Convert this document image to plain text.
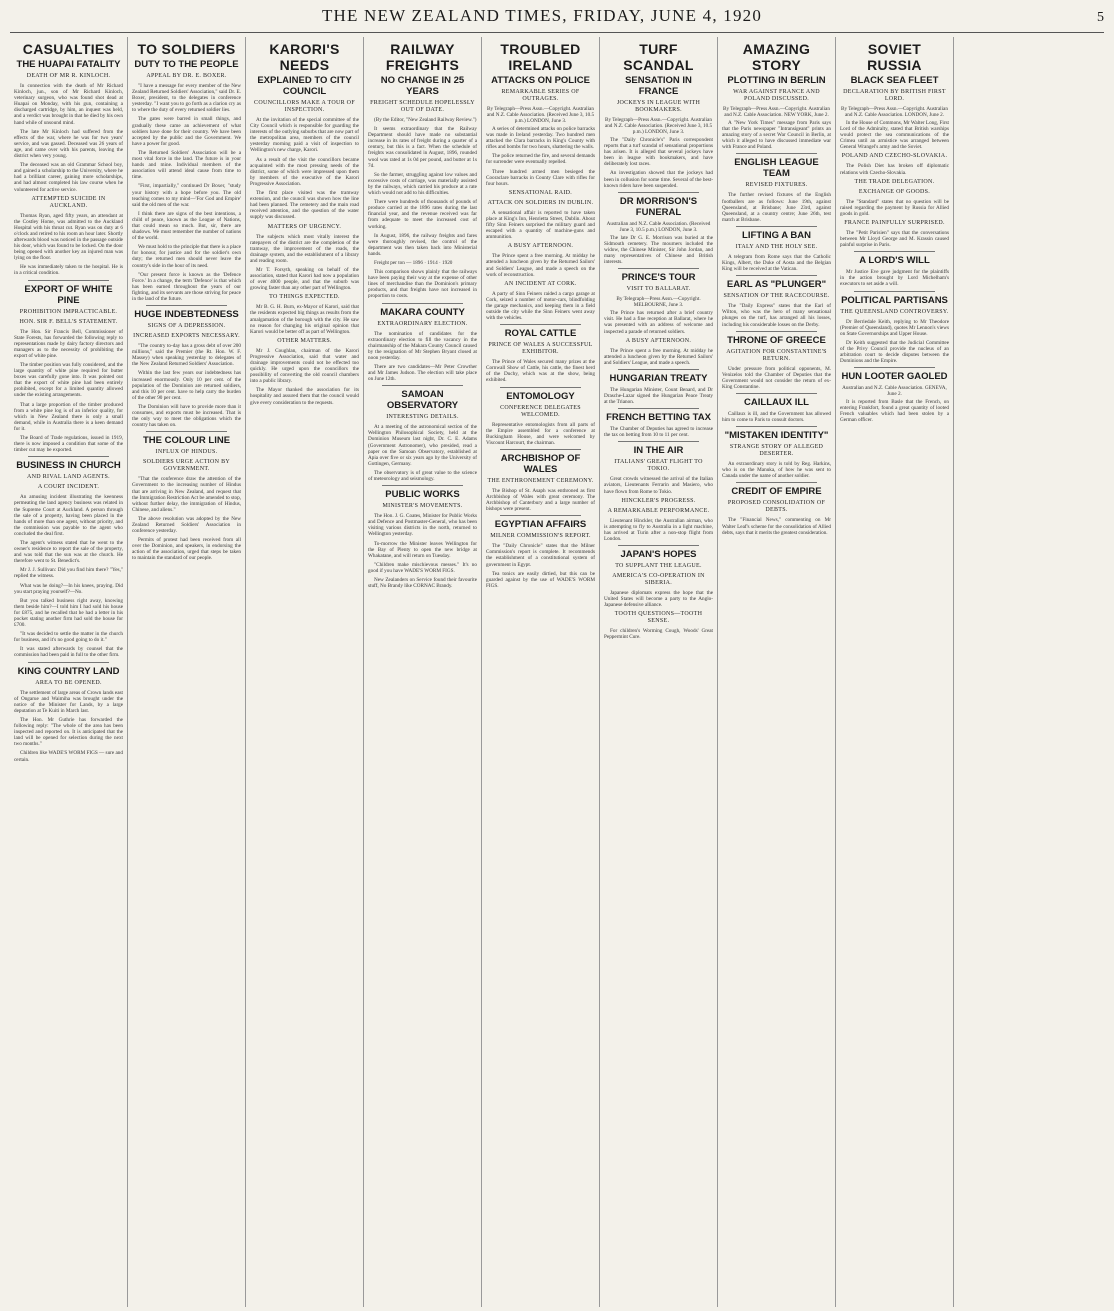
THE NEW ZEALAND TIMES, FRIDAY, JUNE 4, 1920	5
CASUALTIES
THE HUAPAI FATALITY
DEATH OF MR R. KINLOCH.

In connection with the death of Mr Richard Kinloch, jun., son of Mr Richard Kinloch, veterinary surgeon, who was found shot dead at Huapai on Monday, with his gun, containing a discharged cartridge, by him, an inquest was held, and a verdict was brought in that he died by his own hand while of unsound mind.

The late Mr Kinloch had suffered from the effects of the war, where he was for two years' service, and was gassed. Deceased was 26 years of age, and came over with his parents, leaving the district when very young.

The deceased was an old Grammar School boy, and gained a scholarship to the University, where he had a brilliant career, gaining more scholarships, and had almost completed his law course when he volunteered for active service.

ATTEMPTED SUICIDE IN AUCKLAND.

Thomas Ryan, aged fifty years, an attendant at the Costley Home, was admitted to the Auckland Hospital with his throat cut. Ryan was on duty at 6 o'clock and retired to his room an hour later. Shortly afterwards blood was noticed in the passage outside his door, which was found to be locked. On the door being opened with another key an injured man was lying on the floor.

He was immediately taken to the hospital. He is in a critical condition.

EXPORT OF WHITE PINE
PROHIBITION IMPRACTICABLE.
HON. SIR F. BELL'S STATEMENT.

The Hon. Sir Francis Bell, Commissioner of State Forests, has forwarded the following reply to representations made by dairy factory directors and managers as to the necessity of prohibiting the export of white pine.

The timber position was fully considered, and the large quantity of white pine required for butter boxes was carefully gone into. It was pointed out that the export of white pine had been entirely prohibited, except for a limited quantity allowed under the existing arrangements.

That a large proportion of the timber produced from a white pine log is of an inferior quality, for which in New Zealand there is only a small demand, while in Australia there is a keen demand for it.

The Board of Trade regulations, issued in 1919, there is now imposed a condition that some of the timber cut may be exported.

BUSINESS IN CHURCH
AND RIVAL LAND AGENTS.
A COURT INCIDENT.

An amusing incident illustrating the keenness permeating the land agency business was related in the Supreme Court at Auckland. A person through the sale of a property, having been placed in the hands of more than one agent, without priority, and the commission was payable to the agent who concluded the deal first.

The agent's witness stated that he went to the owner's residence to report the sale of the property, and was told that the sun was at the church. He therefore went to St. Benedict's.

Mr J. J. Sullivan: Did you find him there? "Yes," replied the witness.

What was he doing?—In his knees, praying. Did you start praying yourself?—No.

But you talked business right away, knowing them beside him?—I told him I had sold his house for £875, and he recalled that he had a letter in his pocket stating another firm had sold the house for £700.

"It was decided to settle the matter in the church for business, and it's no good going to do it."

It was stated afterwards by counsel that the commission had been paid in full to the other firm.

KING COUNTRY LAND
AREA TO BE OPENED.

The settlement of large areas of Crown lands east of Ongarue and Waimiha was brought under the notice of the Minister for Lands, by a large deputation at Te Kuiti in March last.

The Hon. Mr Guthrie has forwarded the following reply: "The whole of the area has been inspected and reported on. It is anticipated that the land will be opened for selection during the next two months."

Children like WADE'S WORM FIGS — sure and certain.

TO SOLDIERS
DUTY TO THE PEOPLE
APPEAL BY DR. E. BOXER.

"I have a message for every member of the New Zealand Returned Soldiers' Association," said Dr. E. Boxer, president, to the delegates in conference yesterday. "I want you to go forth as a clarion cry as to where the duty of every returned soldier lies.

The gates were barred in small things, and gradually these came an achievement of what soldiers have done for their country. We have been accepted by the public and the Government. We have a power for good.

The Returned Soldiers' Association will be a most vital force in the land. The future is in your hands and mine. Individual members of the association will attend ideal cause from time to time.

"First, impartially," continued Dr Boxer, "study your history with a hope before you. The old teaching comes to my mind—'For God and Empire' said the old men of the war.

I think there are signs of the best intentions, a child of peace, known as the League of Nations, that could mean so much. But, sir, there are shadows. We must remember the number of nations of the world.

We must hold to the principle that there is a place for honour, for justice and for the soldier's own duty; the returned men should never leave the country's side in the hour of its need.

"Our present force is known as the 'Defence Force.' In a change, the term 'Defence' is that which has been earned throughout the years of our fighting, and its servants are those striving for peace in the land of the future.

HUGE INDEBTEDNESS
SIGNS OF A DEPRESSION.
INCREASED EXPORTS NECESSARY.

"The country to-day has a gross debt of over 200 millions," said the Premier (the Rt. Hon. W. F. Massey) when speaking yesterday to delegates of the New Zealand Returned Soldiers' Association.

Within the last few years our indebtedness has increased enormously. Only 10 per cent. of the population of the Dominion are returned soldiers, and this 10 per cent. have to help carry the burden of the other 90 per cent.

The Dominion will have to provide more than it consumes, and exports must be increased. That is the only way to meet the obligations which the country has taken on.

THE COLOUR LINE
INFLUX OF HINDUS.
SOLDIERS URGE ACTION BY GOVERNMENT.

"That the conference draw the attention of the Government to the increasing number of Hindus that are arriving in New Zealand, and request that the Immigration Restriction Act be amended to stop, without further delay, the immigration of Hindus, Chinese, and aliens."

The above resolution was adopted by the New Zealand Returned Soldiers' Association in conference yesterday.

Permits of protest had been received from all over the Dominion, and speakers, in endorsing the action of the association, urged that steps be taken to maintain the standard of our people.

KARORI'S NEEDS
EXPLAINED TO CITY COUNCIL
COUNCILLORS MAKE A TOUR OF INSPECTION.

At the invitation of the special committee of the City Council which is responsible for guarding the interests of the outlying suburbs that are now part of the metropolitan area, members of the council yesterday morning paid a visit of inspection to Wellington's new charge, Karori.

As a result of the visit the councillors became acquainted with the most pressing needs of the district, some of which were impressed upon them by members of the executive of the Karori Progressive Association.

The first place visited was the tramway extension, and the council was shown how the line had been planned. The cemetery and the main road received attention, and the question of the water supply was discussed.

MATTERS OF URGENCY.

The subjects which most vitally interest the ratepayers of the district are the completion of the tramway, the improvement of the roads, the drainage system, and the establishment of a library and reading room.

Mr T. Forsyth, speaking on behalf of the association, stated that Karori had now a population of over 4000 people, and that the suburb was growing faster than any other part of Wellington.

TO THINGS EXPECTED.

Mr B. G. H. Burn, ex-Mayor of Karori, said that the residents expected big things as results from the amalgamation of the borough with the city. He saw no reason for changing his original opinion that Karori would be better off as part of Wellington.

OTHER MATTERS.

Mr J. Coughlan, chairman of the Karori Progressive Association, said that water and drainage improvements could not be effected too quickly. He urged upon the councillors the possibility of converting the old council chambers into a public library.

The Mayor thanked the association for its hospitality and assured them that the council would give every consideration to the requests.

RAILWAY FREIGHTS
NO CHANGE IN 25 YEARS
FREIGHT SCHEDULE HOPELESSLY OUT OF DATE.

(By the Editor, "New Zealand Railway Review.")

It seems extraordinary that the Railway Department should have made no substantial increase in its rates of freight during a quarter of a century, but this is a fact. When the schedule of freights was consolidated in August, 1896, rounded wool was rated at 1s 0d per pound, and butter at 1s 7d.

So the farmer, struggling against low values and excessive costs of carriage, was materially assisted by the railways, which carried his produce at a rate which would not add to his difficulties.

There were hundreds of thousands of pounds of produce carried at the 1896 rates during the last financial year, and the revenue received was far from adequate to meet the increased cost of working.

In August, 1896, the railway freights and fares were thoroughly revised, the control of the department was then taken back into Ministerial hands.

Freight per ton — 1896 · 1914 · 1920

This comparison shows plainly that the railways have been paying their way at the expense of other lines of merchandise than the Dominion's primary products, and that freights have not increased in proportion to costs.

MAKARA COUNTY
EXTRAORDINARY ELECTION.

The nomination of candidates for the extraordinary election to fill the vacancy in the chairmanship of the Makara County Council caused by the resignation of Mr Stephen Bryant closed at noon yesterday.

There are two candidates—Mr Peter Crowther and Mr James Judson. The election will take place on June 12th.

SAMOAN OBSERVATORY
INTERESTING DETAILS.

At a meeting of the astronomical section of the Wellington Philosophical Society, held at the Dominion Museum last night, Dr. C. E. Adams (Government Astronomer), who presided, read a paper on the Samoan Observatory, established at Apia over five or six years ago by the University of Gottingen, Germany.

The observatory is of great value to the science of meteorology and seismology.

PUBLIC WORKS
MINISTER'S MOVEMENTS.

The Hon. J. G. Coates, Minister for Public Works and Defence and Postmaster-General, who has been visiting various districts in the north, returned to Wellington yesterday.

To-morrow the Minister leaves Wellington for the Bay of Plenty to open the new bridge at Whakatane, and will return on Tuesday.

"Children make mischievous messes." It's no good if you have WADE'S WORM FIGS.

New Zealanders on Service found their favourite stuff, No Brandy like CORNAC Brandy.

TROUBLED IRELAND
ATTACKS ON POLICE
REMARKABLE SERIES OF OUTRAGES.
By Telegraph—Press Assn.—Copyright. Australian and N.Z. Cable Association. (Received June 3, 10.5 p.m.) LONDON, June 3.

A series of determined attacks on police barracks was made in Ireland yesterday. Two hundred men attacked the Clara barracks in King's County with rifles and bombs for two hours, shattering the walls.

The police returned the fire, and several demands for surrender were eventually repelled.

Three hundred armed men besieged the Cooraclare barracks in County Clare with rifles for four hours.

SENSATIONAL RAID.
ATTACK ON SOLDIERS IN DUBLIN.

A sensational affair is reported to have taken place at King's Inn, Henrietta Street, Dublin. About fifty Sinn Feiners surprised the military guard and escaped with a quantity of machine-guns and ammunition.

A BUSY AFTERNOON.

The Prince spent a free morning. At midday he attended a luncheon given by the Returned Sailors' and Soldiers' League, and made a speech on the work of reconstruction.

AN INCIDENT AT CORK.

A party of Sinn Feiners raided a cargo garage at Cork, seized a number of motor-cars, blindfolding the garage mechanics, and keeping them in a field outside the city while the Sinn Feiners went away with the vehicles.

ROYAL CATTLE
PRINCE OF WALES A SUCCESSFUL EXHIBITOR.

The Prince of Wales secured many prizes at the Cornwall Show of Cattle, his cattle, the finest herd of the Duchy, which was at the show, being exhibited.

ENTOMOLOGY
CONFERENCE DELEGATES WELCOMED.

Representative entomologists from all parts of the Empire assembled for a conference at Buckingham House, and were welcomed by Viscount Harcourt, the chairman.

ARCHBISHOP OF WALES
THE ENTHRONEMENT CEREMONY.

The Bishop of St. Asaph was enthroned as first Archbishop of Wales with great ceremony. The Archbishop of Canterbury and a large number of bishops were present.

EGYPTIAN AFFAIRS
MILNER COMMISSION'S REPORT.

The "Daily Chronicle" states that the Milner Commission's report is complete. It recommends the establishment of a constitutional system of government in Egypt.

Tea tonics are easily dirtied, but this can be guarded against by the use of WADE'S WORM FIGS.

TURF SCANDAL
SENSATION IN FRANCE
JOCKEYS IN LEAGUE WITH BOOKMAKERS.
By Telegraph—Press Assn.—Copyright. Australian and N.Z. Cable Association. (Received June 3, 10.5 p.m.) LONDON, June 3.

The "Daily Chronicle's" Paris correspondent reports that a turf scandal of sensational proportions has arisen. It is alleged that several jockeys have been in league with bookmakers, and have deliberately lost races.

An investigation showed that the jockeys had been in collusion for some time. Several of the best-known riders have been suspended.

DR MORRISON'S FUNERAL
Australian and N.Z. Cable Association. (Received June 3, 10.5 p.m.) LONDON, June 3.

The late Dr G. E. Morrison was buried at the Sidmouth cemetery. The mourners included the widow, the Chinese Minister, Sir John Jordan, and many representatives of Chinese and British interests.

PRINCE'S TOUR
VISIT TO BALLARAT.
By Telegraph—Press Assn.—Copyright. MELBOURNE, June 3.

The Prince has returned after a brief country visit. He had a fine reception at Ballarat, where he was presented with an address of welcome and inspected a parade of returned soldiers.

A BUSY AFTERNOON.

The Prince spent a free morning. At midday he attended a luncheon given by the Returned Sailors' and Soldiers' League, and made a speech.

HUNGARIAN TREATY

The Hungarian Minister, Count Benard, and Dr Drasche-Lazar signed the Hungarian Peace Treaty at the Trianon.

FRENCH BETTING TAX

The Chamber of Deputies has agreed to increase the tax on betting from 10 to 11 per cent.

IN THE AIR
ITALIANS' GREAT FLIGHT TO TOKIO.

Great crowds witnessed the arrival of the Italian aviators, Lieutenants Ferrarin and Masiero, who have flown from Rome to Tokio.

HINCKLER'S PROGRESS.
A REMARKABLE PERFORMANCE.

Lieutenant Hinckler, the Australian airman, who is attempting to fly to Australia in a light machine, has arrived at Turin after a non-stop flight from London.

JAPAN'S HOPES
TO SUPPLANT THE LEAGUE.
AMERICA'S CO-OPERATION IN SIBERIA.

Japanese diplomats express the hope that the United States will become a party to the Anglo-Japanese defensive alliance.

TOOTH QUESTIONS—TOOTH SENSE.

For children's Worming Cough, Woods' Great Peppermint Cure.

AMAZING STORY
PLOTTING IN BERLIN
WAR AGAINST FRANCE AND POLAND DISCUSSED.
By Telegraph—Press Assn.—Copyright. Australian and N.Z. Cable Association. NEW YORK, June 2.

A "New York Times" message from Paris says that the Paris newspaper "Intransigeant" prints an amazing story of a secret War Council in Berlin, at which it alleged to have discussed immediate war with France and Poland.

ENGLISH LEAGUE TEAM
REVISED FIXTURES.

The further revised fixtures of the English footballers are as follows: June 19th, against Queensland, at Brisbane; June 23rd, against Queensland, at a country centre; June 26th, test match at Brisbane.

LIFTING A BAN
ITALY AND THE HOLY SEE.

A telegram from Rome says that the Catholic Kings, Albert, the Duke of Aosta and the Belgian King will be received at the Vatican.

EARL AS "PLUNGER"
SENSATION OF THE RACECOURSE.

The "Daily Express" states that the Earl of Wilton, who was the hero of many sensational plunges on the turf, has arranged all his losses, including his considerable losses on the Derby.

THRONE OF GREECE
AGITATION FOR CONSTANTINE'S RETURN.

Under pressure from political opponents, M. Venizelos told the Chamber of Deputies that the Government would not consider the return of ex-King Constantine.

CAILLAUX ILL

Caillaux is ill, and the Government has allowed him to come to Paris to consult doctors.

"MISTAKEN IDENTITY"
STRANGE STORY OF ALLEGED DESERTER.

An extraordinary story is told by Reg. Harkins, who is on the Manuka, of how he was sent to Canada under the name of another soldier.

CREDIT OF EMPIRE
PROPOSED CONSOLIDATION OF DEBTS.

The "Financial News," commenting on Mr Walter Leaf's scheme for the consolidation of Allied debts, says that it merits the greatest consideration.

SOVIET RUSSIA
BLACK SEA FLEET
DECLARATION BY BRITISH FIRST LORD.
By Telegraph—Press Assn.—Copyright. Australian and N.Z. Cable Association. LONDON, June 2.

In the House of Commons, Mr Walter Long, First Lord of the Admiralty, stated that British warships would protect the sea communications of the Crimea until an armistice was arranged between General Wrangel's army and the Soviet.

POLAND AND CZECHO-SLOVAKIA.

The Polish Diet has broken off diplomatic relations with Czecho-Slovakia.

THE TRADE DELEGATION.
EXCHANGE OF GOODS.

The "Standard" states that no question will be raised regarding the payment by Russia for Allied goods in gold.

FRANCE PAINFULLY SURPRISED.

The "Petit Parisien" says that the conversations between Mr Lloyd George and M. Krassin caused painful surprise in Paris.

A LORD'S WILL

Mr Justice Eve gave judgment for the plaintiffs in the action brought by Lord Michelham's executors to set aside a will.

POLITICAL PARTISANS
THE QUEENSLAND CONTROVERSY.

Dr Berriedale Keith, replying to Mr Theodore (Premier of Queensland), quotes Mr Lennon's views on State Governorships and Upper House.

Dr Keith suggested that the Judicial Committee of the Privy Council provide the nucleus of an arbitration court to decide disputes between the Dominions and the Empire.

HUN LOOTER GAOLED
Australian and N.Z. Cable Association. GENEVA, June 2.

It is reported from Basle that the French, on entering Frankfort, found a great quantity of looted French valuables which had been stolen by a German officer.
